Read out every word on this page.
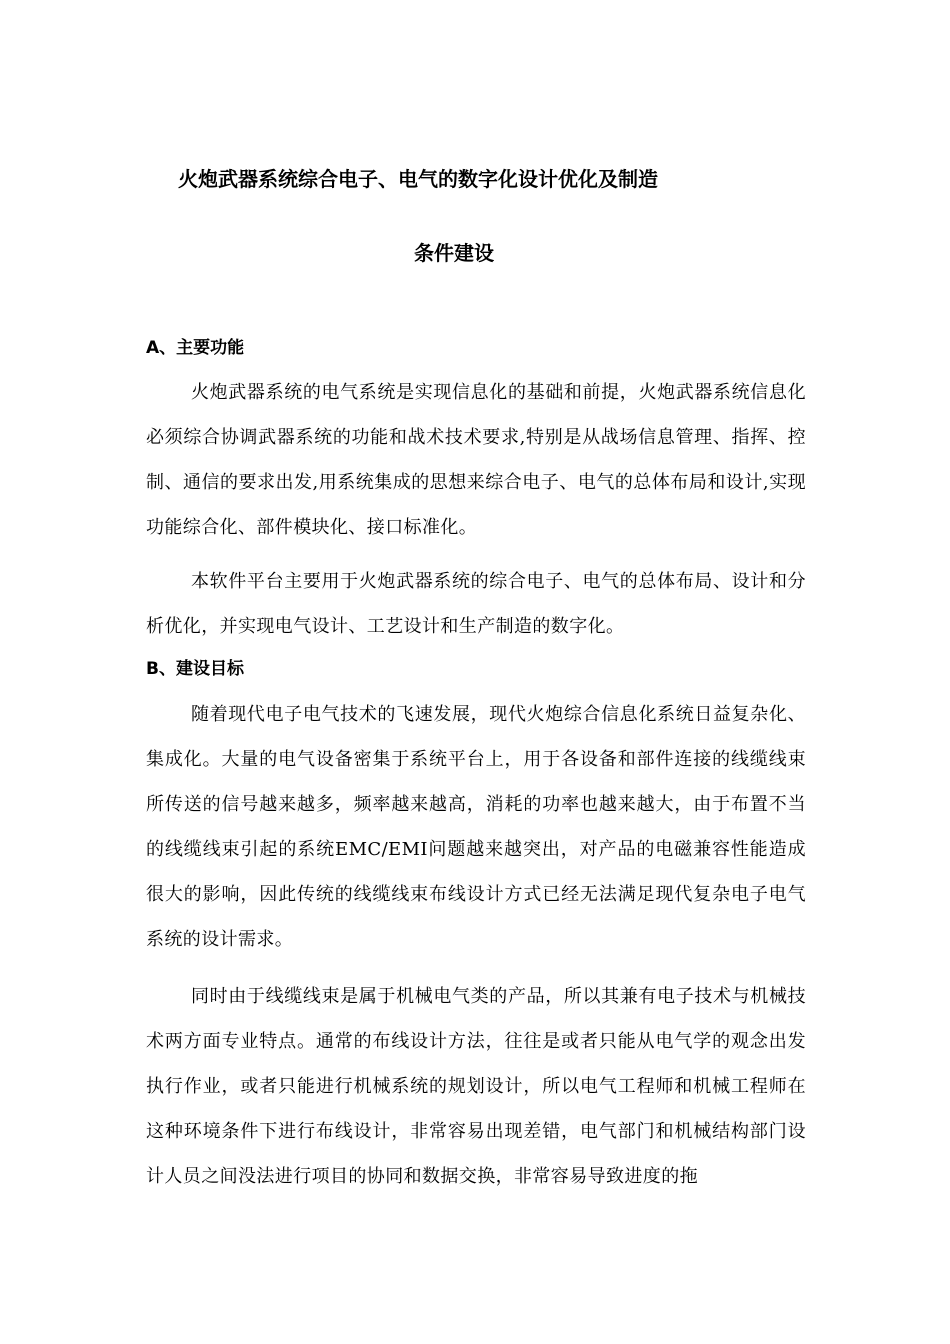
火炮武器系统综合电子、电气的数字化设计优化及制造
条件建设
A、主要功能

火炮武器系统的电气系统是实现信息化的基础和前提，火炮武器系统信息化必须综合协调武器系统的功能和战术技术要求,特别是从战场信息管理、指挥、控制、通信的要求出发,用系统集成的思想来综合电子、电气的总体布局和设计,实现功能综合化、部件模块化、接口标准化。

本软件平台主要用于火炮武器系统的综合电子、电气的总体布局、设计和分析优化，并实现电气设计、工艺设计和生产制造的数字化。

B、建设目标

随着现代电子电气技术的飞速发展，现代火炮综合信息化系统日益复杂化、集成化。大量的电气设备密集于系统平台上，用于各设备和部件连接的线缆线束所传送的信号越来越多，频率越来越高，消耗的功率也越来越大，由于布置不当的线缆线束引起的系统EMC/EMI问题越来越突出，对产品的电磁兼容性能造成很大的影响，因此传统的线缆线束布线设计方式已经无法满足现代复杂电子电气系统的设计需求。

同时由于线缆线束是属于机械电气类的产品，所以其兼有电子技术与机械技术两方面专业特点。通常的布线设计方法，往往是或者只能从电气学的观念出发执行作业，或者只能进行机械系统的规划设计，所以电气工程师和机械工程师在这种环境条件下进行布线设计，非常容易出现差错，电气部门和机械结构部门设计人员之间没法进行项目的协同和数据交换，非常容易导致进度的拖
